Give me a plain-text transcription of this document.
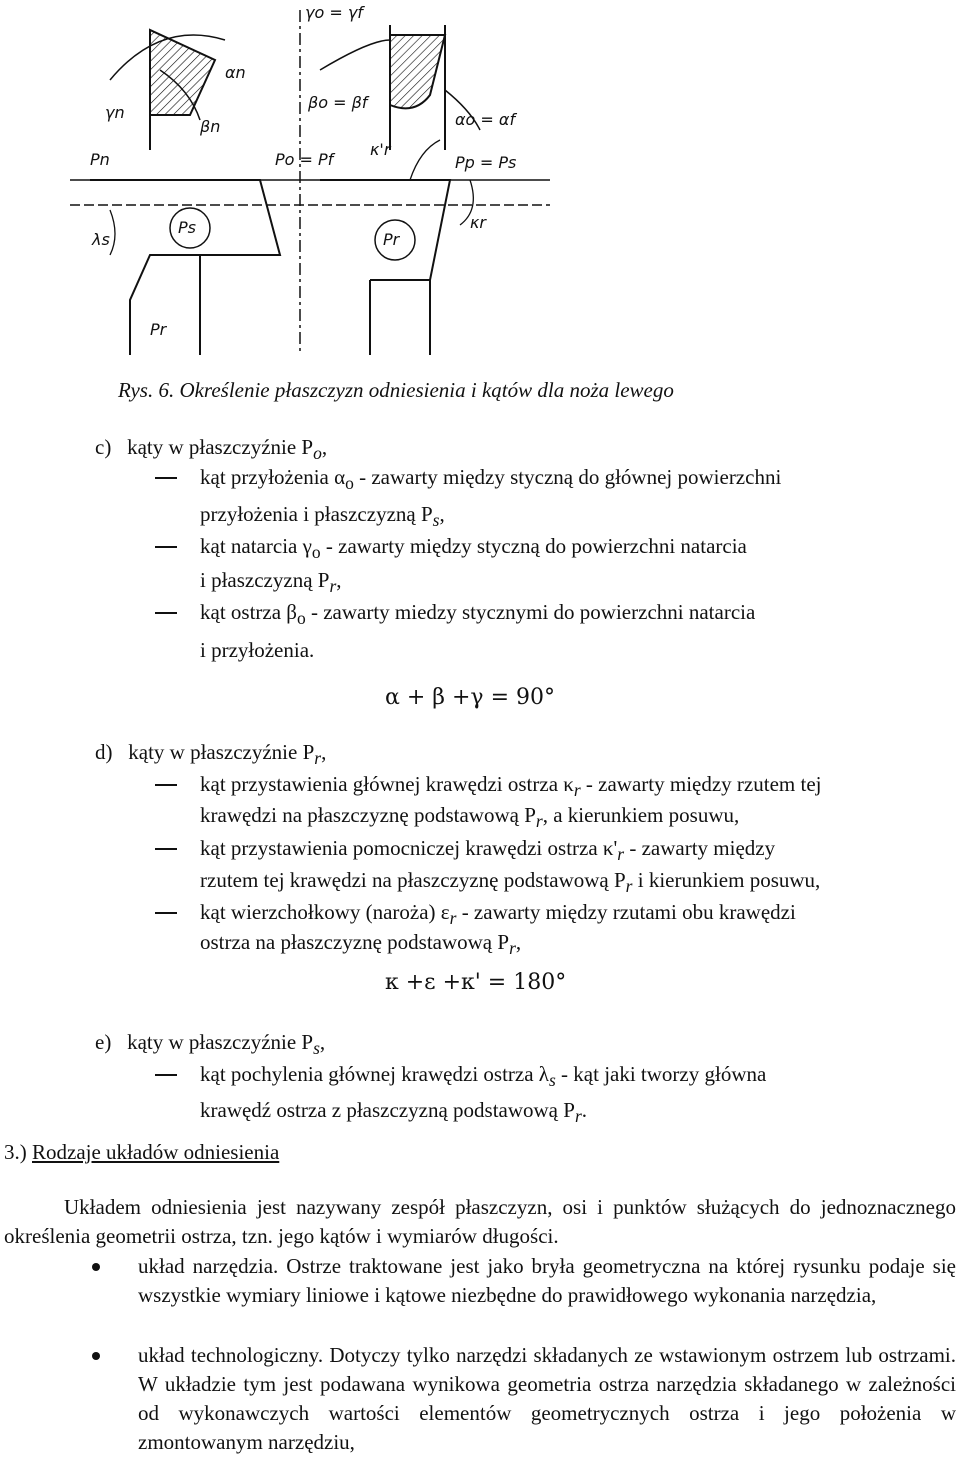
γo = γf
αn
γn
βn
βo = βf
αo = αf
Pn	Po = Pf
κ'r
Pp = Ps
κr
λs
Ps
Pr
Pr
Rys. 6. Określenie płaszczyzn odniesienia i kątów dla noża lewego
c) kąty w płaszczyźnie $P_o$,
kąt przyłożenia $\alpha_o$ - zawarty między styczną do głównej powierzchni
przyłożenia i płaszczyzną $P_s$,
kąt natarcia $\gamma_o$ - zawarty między styczną do powierzchni natarcia
i płaszczyzną $P_r$,
kąt ostrza $\beta_o$ - zawarty miedzy stycznymi do powierzchni natarcia
i przyłożenia.
α + β +γ = 90°
d) kąty w płaszczyźnie $P_r$,
kąt przystawienia głównej krawędzi ostrza $\kappa_r$ - zawarty między rzutem tej
krawędzi na płaszczyznę podstawową $P_r$, a kierunkiem posuwu,
kąt przystawienia pomocniczej krawędzi ostrza $\kappa'_r$ - zawarty między
rzutem tej krawędzi na płaszczyznę podstawową $P_r$ i kierunkiem posuwu,
kąt wierzchołkowy (naroża) $\varepsilon_r$ - zawarty między rzutami obu krawędzi
ostrza na płaszczyznę podstawową $P_r$,
κ +ε +κ' = 180°
e) kąty w płaszczyźnie $P_s$,
kąt pochylenia głównej krawędzi ostrza $\lambda_s$ - kąt jaki tworzy główna
krawędź ostrza z płaszczyzną podstawową $P_r$.
3.) Rodzaje układów odniesienia
Układem odniesienia jest nazywany zespół płaszczyzn, osi i punktów służących do jednoznacznego określenia geometrii ostrza, tzn. jego kątów i wymiarów długości.
układ narzędzia. Ostrze traktowane jest jako bryła geometryczna na której rysunku podaje się wszystkie wymiary liniowe i kątowe niezbędne do prawidłowego wykonania narzędzia,
układ technologiczny. Dotyczy tylko narzędzi składanych ze wstawionym ostrzem lub ostrzami. W układzie tym jest podawana wynikowa geometria ostrza narzędzia składanego w zależności od wykonawczych wartości elementów geometrycznych ostrza i jego położenia w zmontowanym narzędziu,
